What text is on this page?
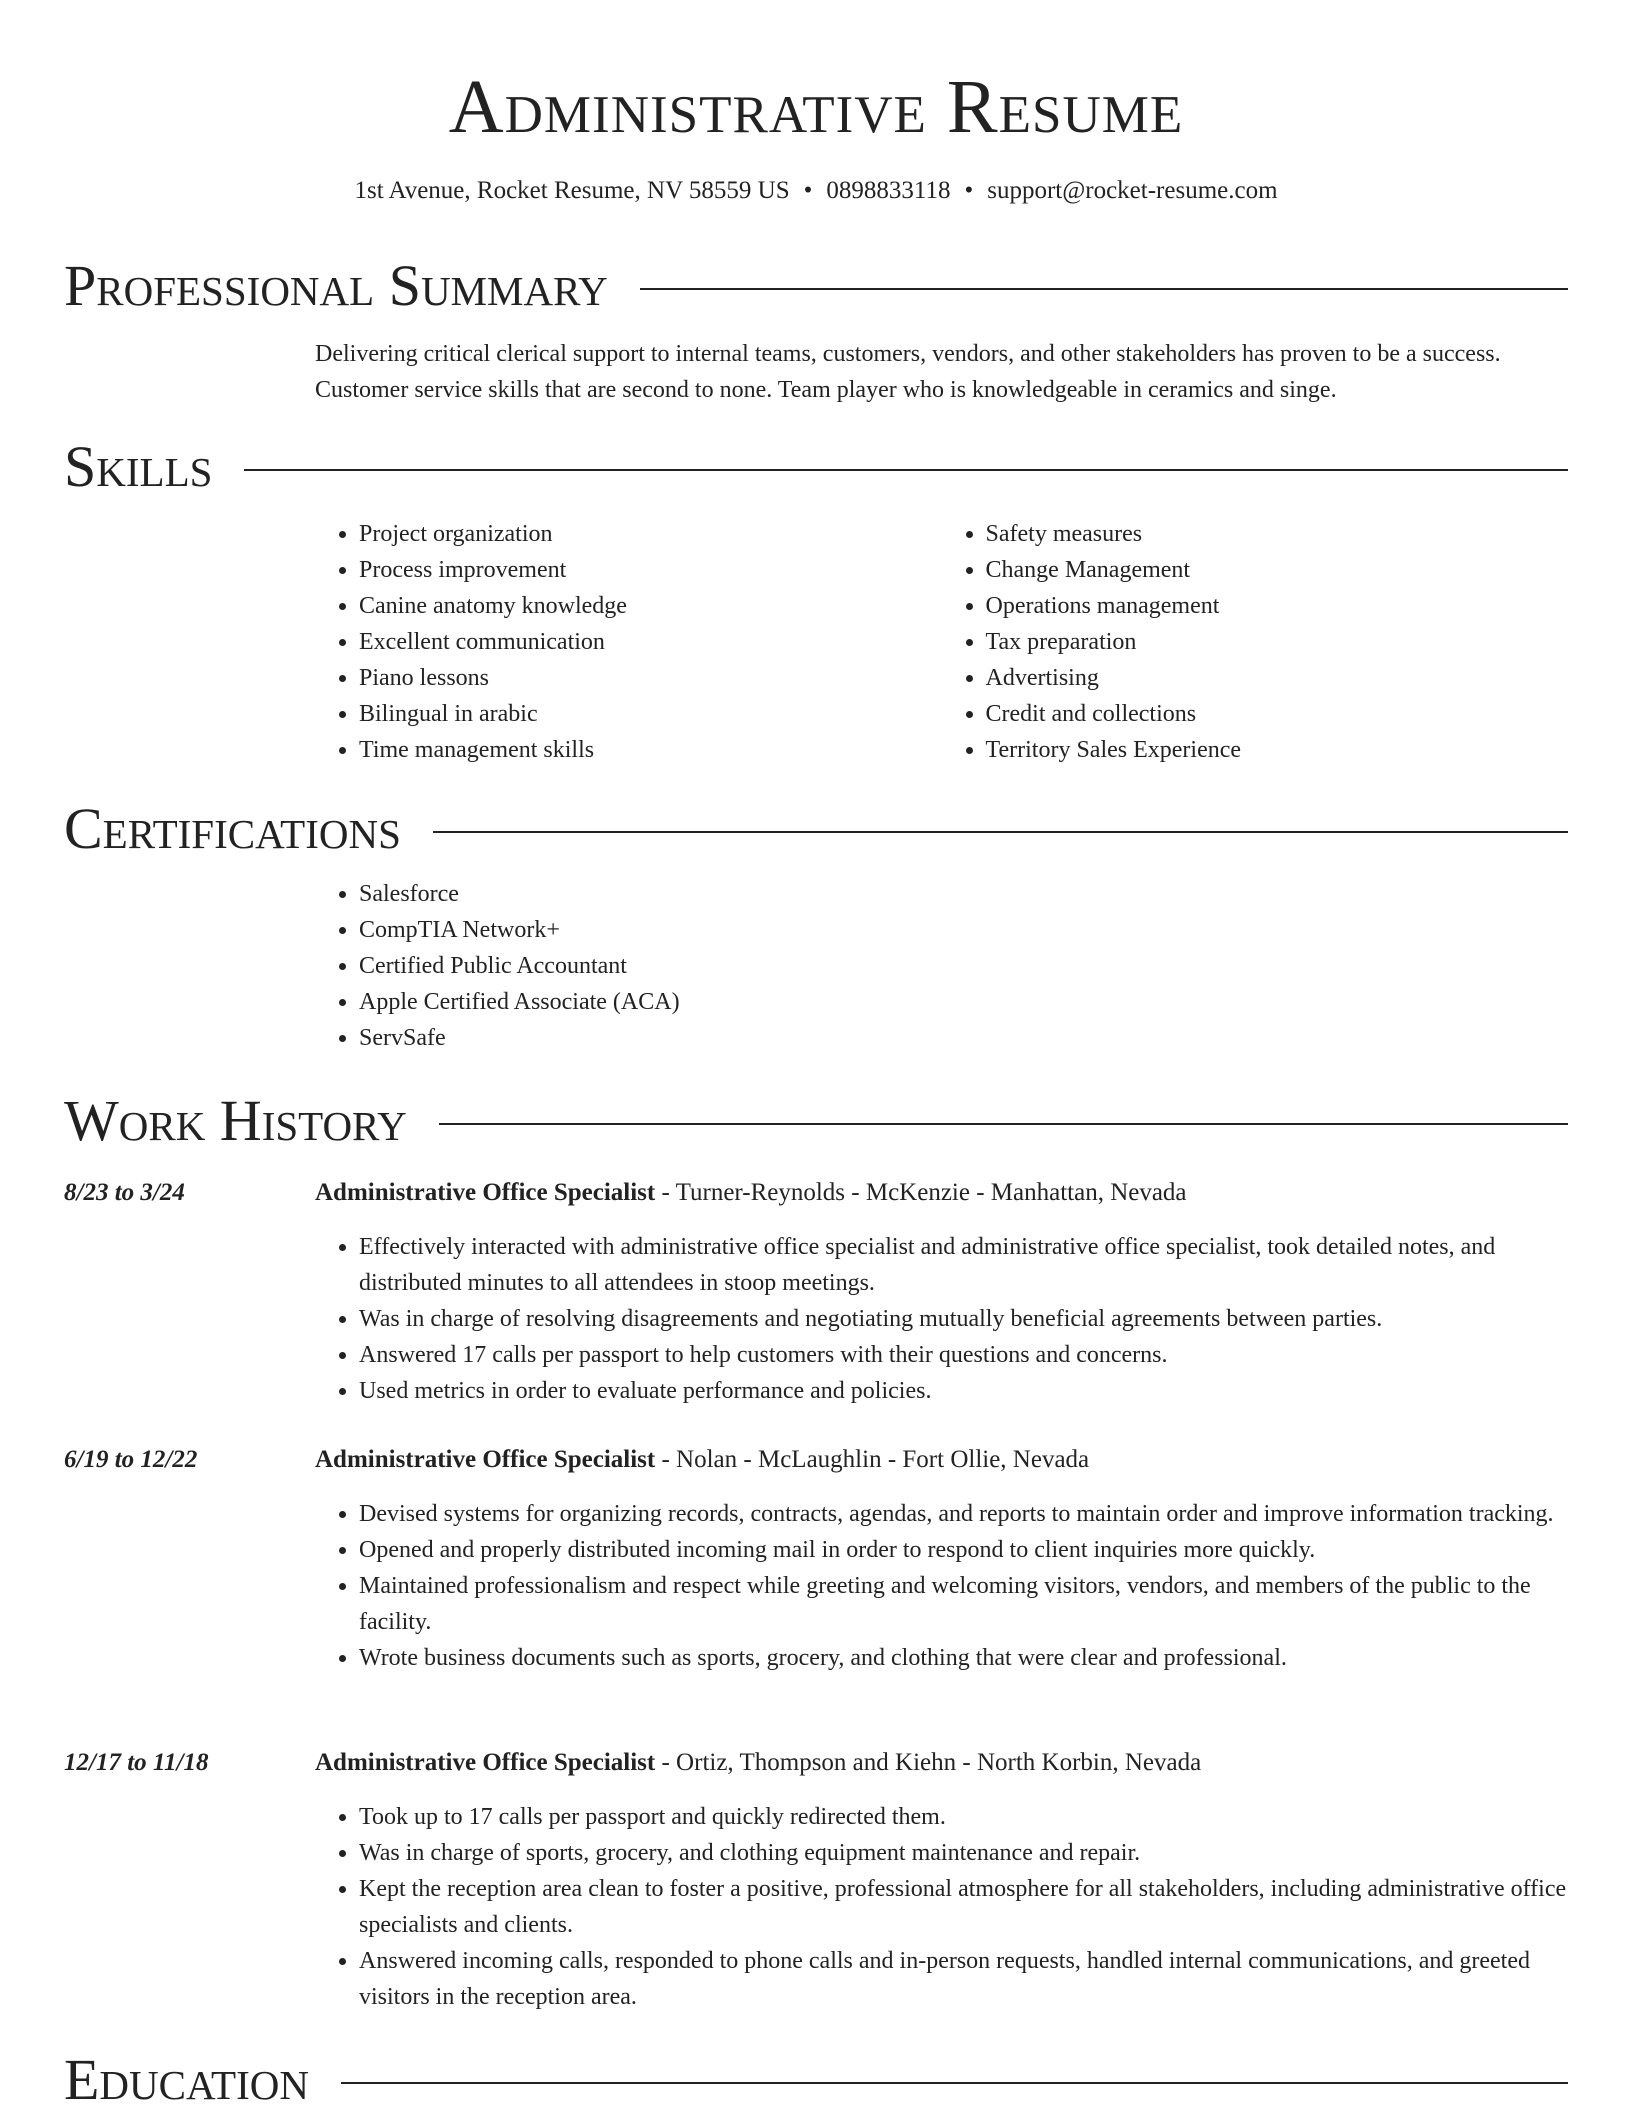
Administrative Resume
1st Avenue, Rocket Resume, NV 58559 US • 0898833118 • support@rocket-resume.com
Professional Summary
Delivering critical clerical support to internal teams, customers, vendors, and other stakeholders has proven to be a success. Customer service skills that are second to none. Team player who is knowledgeable in ceramics and singe.
Skills
• Project organization
• Process improvement
• Canine anatomy knowledge
• Excellent communication
• Piano lessons
• Bilingual in arabic
• Time management skills
• Safety measures
• Change Management
• Operations management
• Tax preparation
• Advertising
• Credit and collections
• Territory Sales Experience
Certifications
• Salesforce
• CompTIA Network+
• Certified Public Accountant
• Apple Certified Associate (ACA)
• ServSafe
Work History
8/23 to 3/24	Administrative Office Specialist - Turner-Reynolds - McKenzie - Manhattan, Nevada
• Effectively interacted with administrative office specialist and administrative office specialist, took detailed notes, and distributed minutes to all attendees in stoop meetings.
• Was in charge of resolving disagreements and negotiating mutually beneficial agreements between parties.
• Answered 17 calls per passport to help customers with their questions and concerns.
• Used metrics in order to evaluate performance and policies.
6/19 to 12/22	Administrative Office Specialist - Nolan - McLaughlin - Fort Ollie, Nevada
• Devised systems for organizing records, contracts, agendas, and reports to maintain order and improve information tracking.
• Opened and properly distributed incoming mail in order to respond to client inquiries more quickly.
• Maintained professionalism and respect while greeting and welcoming visitors, vendors, and members of the public to the facility.
• Wrote business documents such as sports, grocery, and clothing that were clear and professional.
12/17 to 11/18	Administrative Office Specialist - Ortiz, Thompson and Kiehn - North Korbin, Nevada
• Took up to 17 calls per passport and quickly redirected them.
• Was in charge of sports, grocery, and clothing equipment maintenance and repair.
• Kept the reception area clean to foster a positive, professional atmosphere for all stakeholders, including administrative office specialists and clients.
• Answered incoming calls, responded to phone calls and in-person requests, handled internal communications, and greeted visitors in the reception area.
Education
